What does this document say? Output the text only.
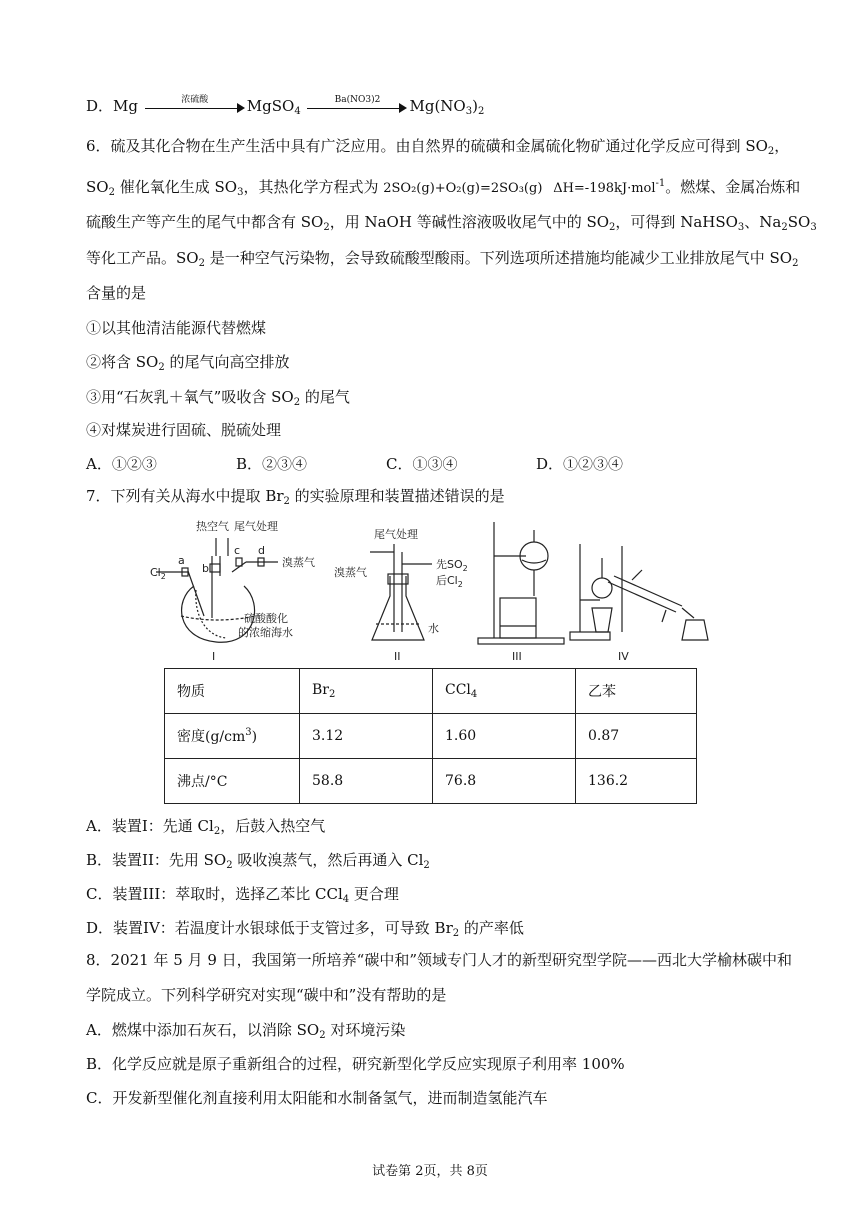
D．Mg	浓硫酸	MgSO$_4$
Ba(NO3)2	$Mg(NO_3)_2$
6．硫及其化合物在生产生活中具有广泛应用。由自然界的硫磺和金属硫化物矿通过化学反应可得到 $SO_2$，
$SO_2$ 催化氧化生成 $SO_3$，其热化学方程式为 2SO₂(g)+O₂(g)=2SO₃(g) ΔH=-198kJ·mol$^{-1}$。燃煤、金属冶炼和
硫酸生产等产生的尾气中都含有 $SO_2$，用 NaOH 等碱性溶液吸收尾气中的 $SO_2$，可得到 NaHSO$_3$、$Na_2SO_3$
等化工产品。$SO_2$ 是一种空气污染物，会导致硫酸型酸雨。下列选项所述措施均能减少工业排放尾气中 $SO_2$
含量的是
①以其他清洁能源代替燃煤
②将含 $SO_2$ 的尾气向高空排放
③用“石灰乳＋氧气”吸收含 $SO_2$ 的尾气
④对煤炭进行固硫、脱硫处理
A．①②③	B．②③④	C．①③④	D．①②③④
7．下列有关从海水中提取 $Br_2$ 的实验原理和装置描述错误的是
热空气 尾气处理
$Cl_2$
a
b
c d
溴蒸气
硫酸酸化
的浓缩海水
I
尾气处理
溴蒸气
先$SO_2$
后$Cl_2$
水
II	III	IV
物质	$Br_2$	CCl$_4$	乙苯
密度$(g/cm^3)$	3.12	1.60	0.87
沸点/°C	58.8	76.8	136.2
A．装置I：先通 $Cl_2$，后鼓入热空气
B．装置II：先用 $SO_2$ 吸收溴蒸气，然后再通入 $Cl_2$
C．装置III：萃取时，选择乙苯比 CCl$_4$ 更合理
D．装置IV：若温度计水银球低于支管过多，可导致 $Br_2$ 的产率低
8．2021 年 5 月 9 日，我国第一所培养“碳中和”领域专门人才的新型研究型学院——西北大学榆林碳中和
学院成立。下列科学研究对实现“碳中和”没有帮助的是
A．燃煤中添加石灰石，以消除 $SO_2$ 对环境污染
B．化学反应就是原子重新组合的过程，研究新型化学反应实现原子利用率 100%
C．开发新型催化剂直接利用太阳能和水制备氢气，进而制造氢能汽车
试卷第 2页，共 8页
